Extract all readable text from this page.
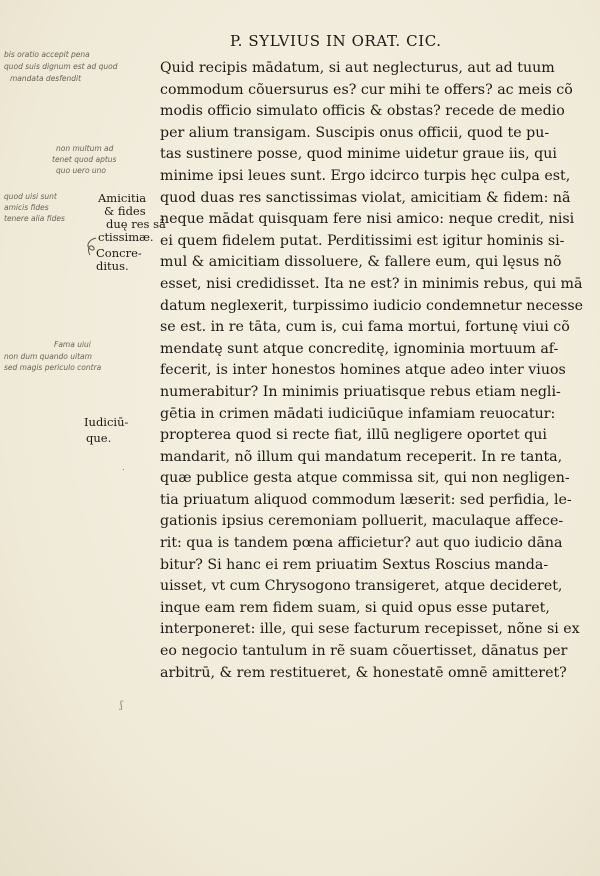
P. SYLVIUS IN ORAT. CIC.
bis oratio accepit pena
quod suis dignum est ad quod
mandata desfendit
non multum ad
tenet quod aptus
quo uero uno
quod uisi sunt
amicis fides
tenere alia fides
Fama uiui
non dum quando uitam
sed magis periculo contra
Amicitia
& fides
duę res sã
ctissimæ.
Concre-
ditus.
Iudiciū-
que.
⸱
ʃ
Quid recipis mādatum, si aut neglecturus, aut ad tuum
commodum cõuersurus es? cur mihi te offers? ac meis cõ
modis officio simulato officis & obstas? recede de medio
per alium transigam. Suscipis onus officii, quod te pu-
tas sustinere posse, quod minime uidetur graue iis, qui
minime ipsi leues sunt. Ergo idcirco turpis hęc culpa est,
quod duas res sanctissimas violat, amicitiam & fidem: nã
neque mādat quisquam fere nisi amico: neque credit, nisi
ei quem fidelem putat. Perditissimi est igitur hominis si-
mul & amicitiam dissoluere, & fallere eum, qui lęsus nõ
esset, nisi credidisset. Ita ne est? in minimis rebus, qui mā
datum neglexerit, turpissimo iudicio condemnetur necesse
se est. in re tāta, cum is, cui fama mortui, fortunę viui cõ
mendatę sunt atque concreditę, ignominia mortuum af-
fecerit, is inter honestos homines atque adeo inter viuos
numerabitur? In minimis priuatisque rebus etiam negli-
gētia in crimen mādati iudiciūque infamiam reuocatur:
propterea quod si recte fiat, illū negligere oportet qui
mandarit, nõ illum qui mandatum receperit. In re tanta,
quæ publice gesta atque commissa sit, qui non negligen-
tia priuatum aliquod commodum læserit: sed perfidia, le-
gationis ipsius ceremoniam polluerit, maculaque affece-
rit: qua is tandem pœna afficietur? aut quo iudicio dāna
bitur? Si hanc ei rem priuatim Sextus Roscius manda-
uisset, vt cum Chrysogono transigeret, atque decideret,
inque eam rem fidem suam, si quid opus esse putaret,
interponeret: ille, qui sese facturum recepisset, nõne si ex
eo negocio tantulum in rẽ suam cõuertisset, dānatus per
arbitrū, & rem restitueret, & honestatē omnē amitteret?
